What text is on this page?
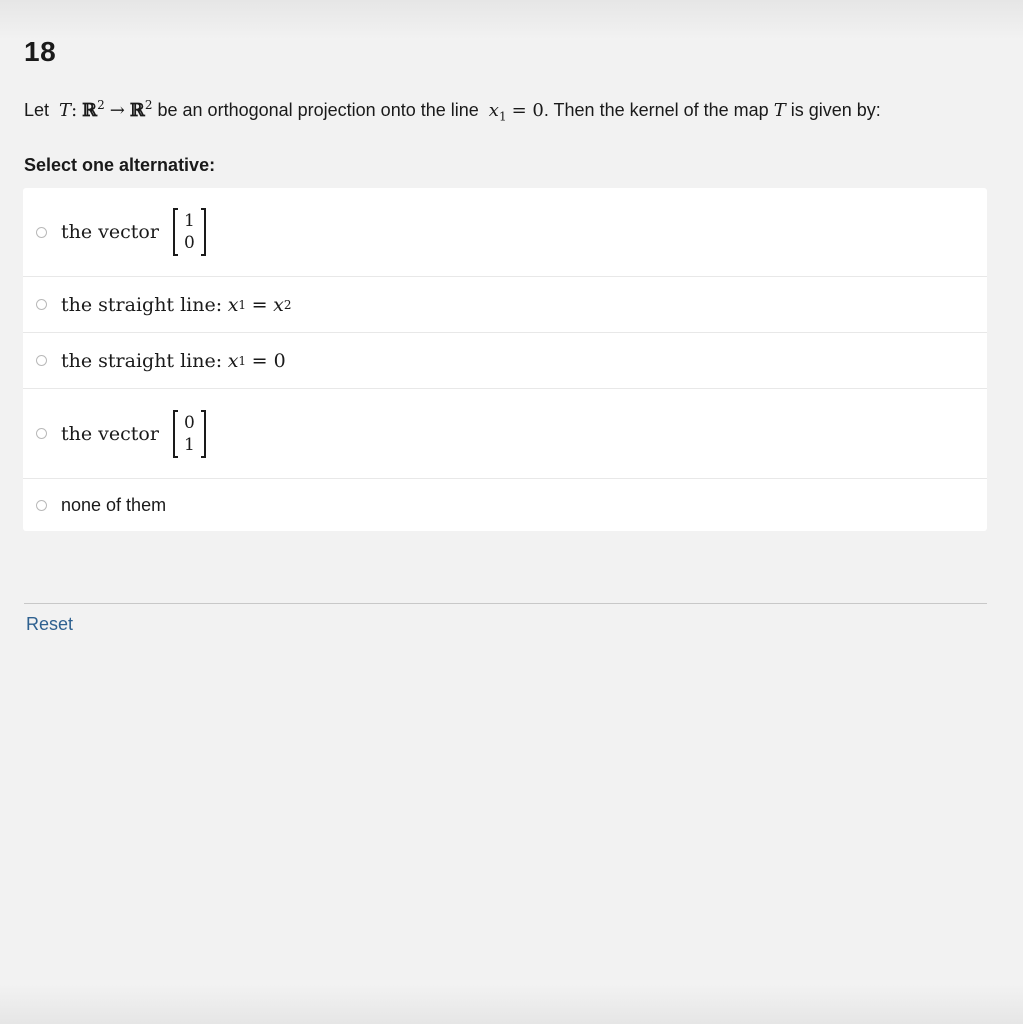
18
Let T: ℝ$^2$ → ℝ$^2$ be an orthogonal projection onto the line $x_1 = 0$. Then the kernel of the map T is given by:
Select one alternative:
the vector 1
0
the straight line:
x 1
=
x 2
the straight line:
x 1
= 0
the vector 0
1
none of them
Reset
